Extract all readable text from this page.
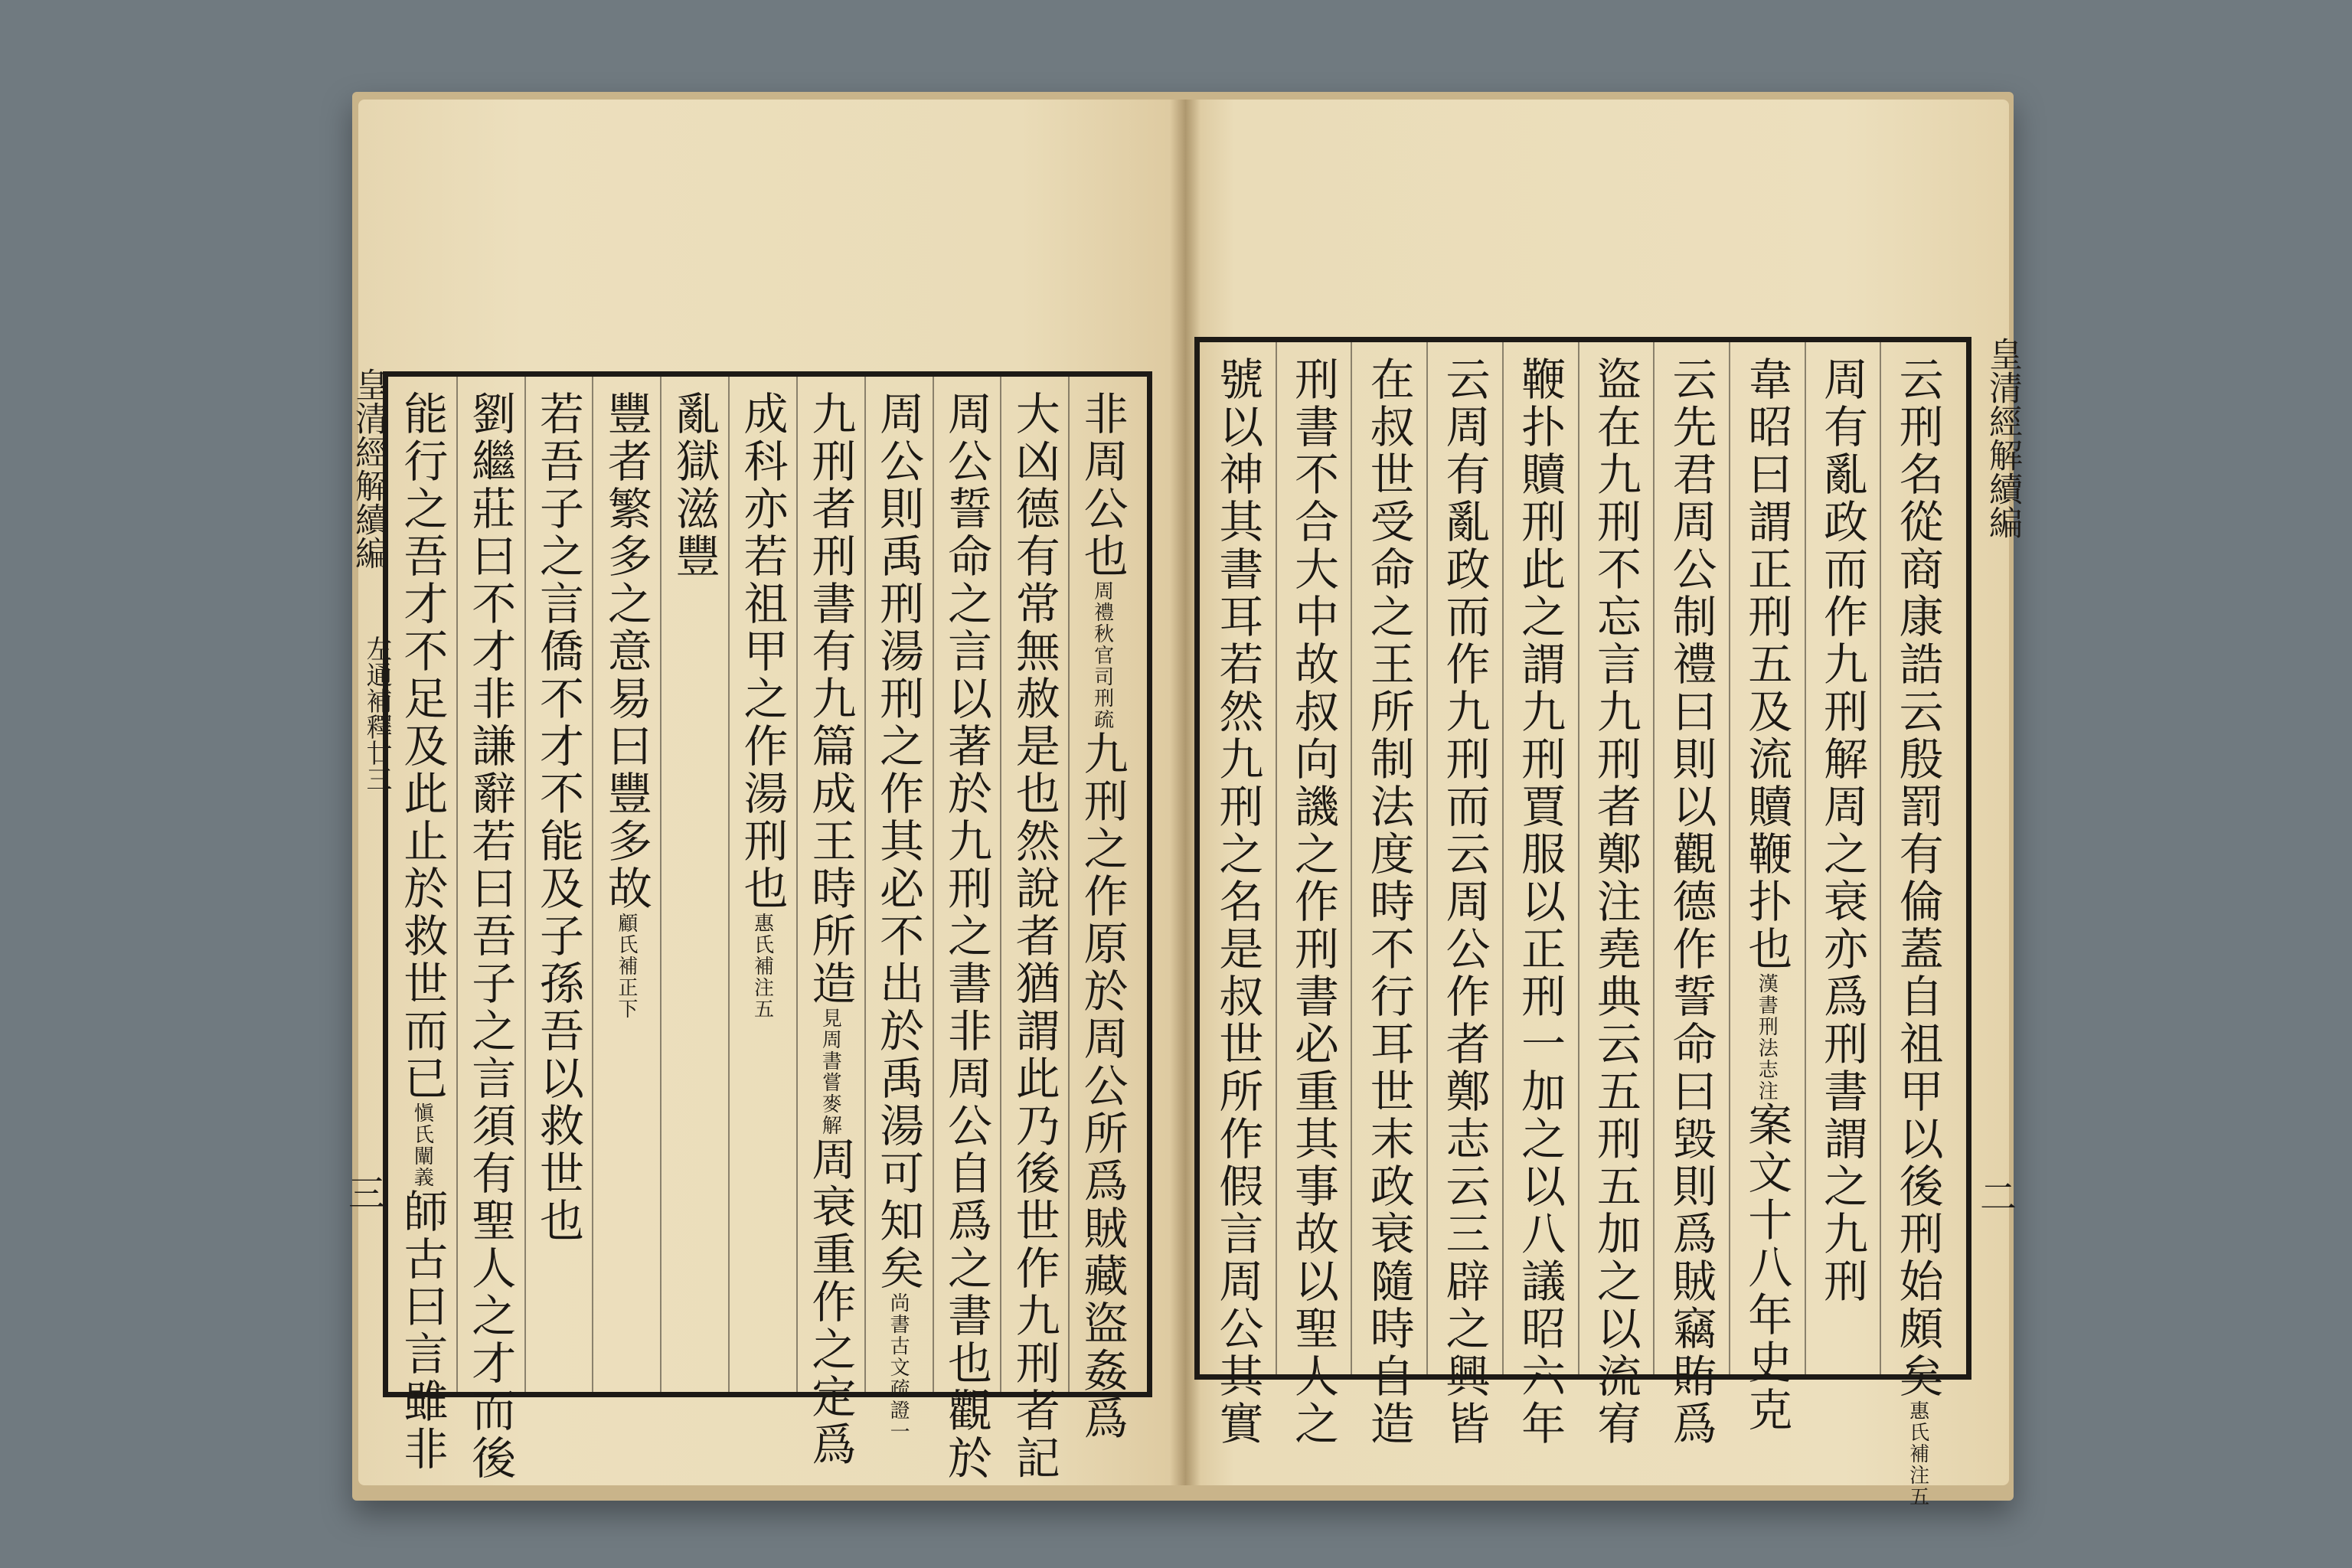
非周公也周禮秋官司刑疏九刑之作原於周公所爲賊藏盜姦爲
大凶德有常無赦是也然說者猶謂此乃後世作九刑者記
周公誓命之言以著於九刑之書非周公自爲之書也觀於
周公則禹刑湯刑之作其必不出於禹湯可知矣尚書古文疏證一
九刑者刑書有九篇成王時所造見周書嘗麥解周衰重作之定爲
成科亦若祖甲之作湯刑也惠氏補注五
亂獄滋豐
豐者繁多之意易曰豐多故顧氏補正下
若吾子之言僑不才不能及子孫吾以救世也
劉繼莊曰不才非謙辭若曰吾子之言須有聖人之才而後
能行之吾才不足及此止於救世而已愼氏闡義師古曰言雖非
皇清經解續編
左通補釋廿三
三	云刑名從商康誥云殷罰有倫蓋自祖甲以後刑始頗矣惠氏補注五
周有亂政而作九刑解周之衰亦爲刑書謂之九刑
韋昭曰謂正刑五及流贖鞭扑也漢書刑法志注案文十八年史克
云先君周公制禮曰則以觀德作誓命曰毀則爲賊竊賄爲
盜在九刑不忘言九刑者鄭注堯典云五刑五加之以流宥
鞭扑贖刑此之謂九刑賈服以正刑一加之以八議昭六年
云周有亂政而作九刑而云周公作者鄭志云三辟之興皆
在叔世受命之王所制法度時不行耳世末政衰隨時自造
刑書不合大中故叔向譏之作刑書必重其事故以聖人之
號以神其書耳若然九刑之名是叔世所作假言周公其實	皇清經解續編
二
